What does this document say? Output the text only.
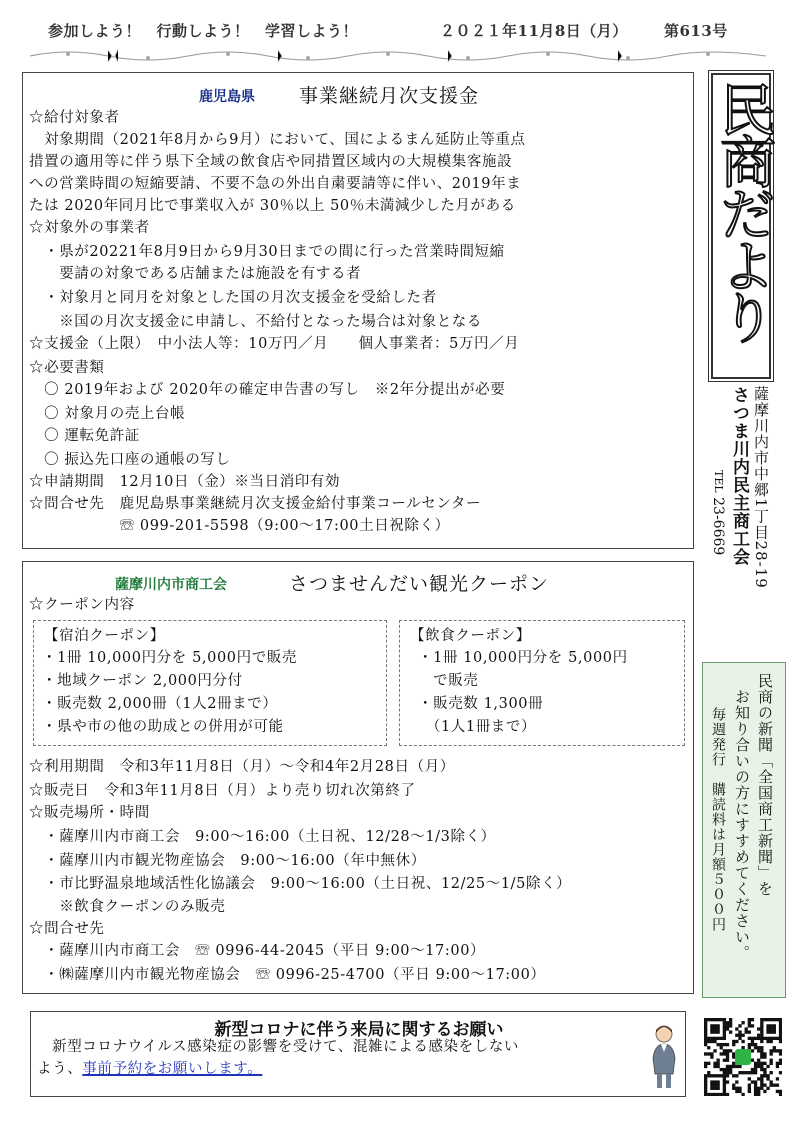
参加しよう！　行動しよう！　学習しよう！	２０２１年11月8日（月） 第613号
鹿児島県 事業継続月次支援金
☆給付対象者
　対象期間（2021年8月から9月）において、国によるまん延防止等重点
措置の適用等に伴う県下全域の飲食店や同措置区域内の大規模集客施設
への営業時間の短縮要請、不要不急の外出自粛要請等に伴い、2019年ま
たは 2020年同月比で事業収入が 30％以上 50％未満減少した月がある
☆対象外の事業者
　・県が20221年8月9日から9月30日までの間に行った営業時間短縮
　　要請の対象である店舗または施設を有する者
　・対象月と同月を対象とした国の月次支援金を受給した者
　　※国の月次支援金に申請し、不給付となった場合は対象となる
☆支援金（上限）　中小法人等：10万円／月　　個人事業者：5万円／月
☆必要書類
　〇 2019年および 2020年の確定申告書の写し　※2年分提出が必要
　〇 対象月の売上台帳
　〇 運転免許証
　〇 振込先口座の通帳の写し
☆申請期間　12月10日（金）※当日消印有効
☆問合せ先　鹿児島県事業継続月次支援金給付事業コールセンター
　　　　　　☏ 099-201-5598（9:00～17:00土日祝除く）
薩摩川内市商工会	さつませんだい観光クーポン
☆クーポン内容
【宿泊クーポン】
・1冊 10,000円分を 5,000円で販売
・地域クーポン 2,000円分付
・販売数 2,000冊（1人2冊まで）
・県や市の他の助成との併用が可能
【飲食クーポン】
・1冊 10,000円分を 5,000円
　で販売
・販売数 1,300冊
　（1人1冊まで）
☆利用期間　令和3年11月8日（月）～令和4年2月28日（月）
☆販売日　令和3年11月8日（月）より売り切れ次第終了
☆販売場所・時間
　・薩摩川内市商工会　9:00～16:00（土日祝、12/28～1/3除く）
　・薩摩川内市観光物産協会　9:00～16:00（年中無休）
　・市比野温泉地域活性化協議会　9:00～16:00（土日祝、12/25～1/5除く）
　　※飲食クーポンのみ販売
☆問合せ先
　・薩摩川内市商工会　☏ 0996-44-2045（平日 9:00～17:00）
　・㈱薩摩川内市観光物産協会　☏ 0996-25-4700（平日 9:00～17:00）
新型コロナに伴う来局に関するお願い
　新型コロナウイルス感染症の影響を受けて、混雑による感染をしない
よう、事前予約をお願いします。
民商だより
薩摩川内市中郷1丁目28-19
さつま川内民主商工会
TEL 23-6669
民商の新聞「全国商工新聞」を
お知り合いの方にすすめてください。
毎週発行　購読料は月額５００円
